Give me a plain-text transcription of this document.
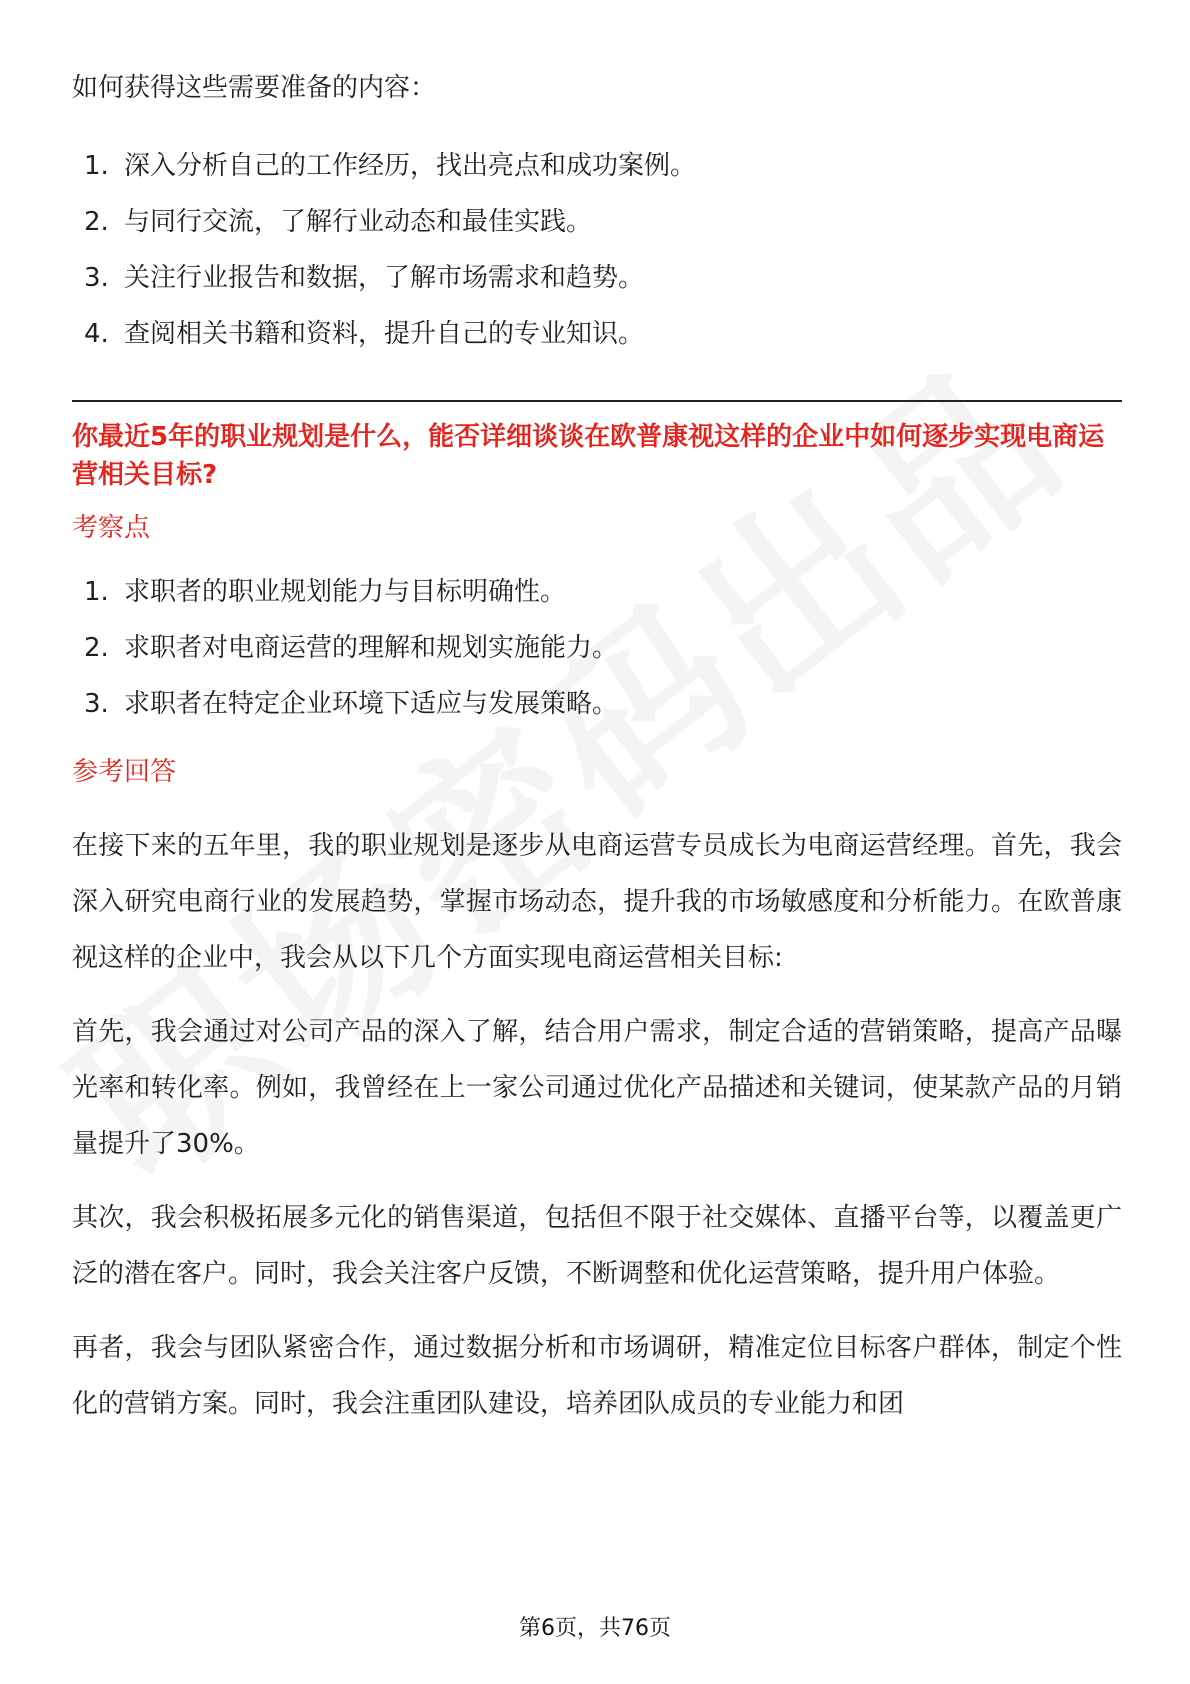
如何获得这些需要准备的内容：

1. 深入分析自己的工作经历，找出亮点和成功案例。
2. 与同行交流，了解行业动态和最佳实践。
3. 关注行业报告和数据，了解市场需求和趋势。
4. 查阅相关书籍和资料，提升自己的专业知识。
你最近5年的职业规划是什么，能否详细谈谈在欧普康视这样的企业中如何逐步实现电商运营相关目标?
考察点
1. 求职者的职业规划能力与目标明确性。
2. 求职者对电商运营的理解和规划实施能力。
3. 求职者在特定企业环境下适应与发展策略。
参考回答

在接下来的五年里，我的职业规划是逐步从电商运营专员成长为电商运营经理。首先，我会深入研究电商行业的发展趋势，掌握市场动态，提升我的市场敏感度和分析能力。在欧普康视这样的企业中，我会从以下几个方面实现电商运营相关目标:

首先，我会通过对公司产品的深入了解，结合用户需求，制定合适的营销策略，提高产品曝光率和转化率。例如，我曾经在上一家公司通过优化产品描述和关键词，使某款产品的月销量提升了30%。

其次，我会积极拓展多元化的销售渠道，包括但不限于社交媒体、直播平台等，以覆盖更广泛的潜在客户。同时，我会关注客户反馈，不断调整和优化运营策略，提升用户体验。

再者，我会与团队紧密合作，通过数据分析和市场调研，精准定位目标客户群体，制定个性化的营销方案。同时，我会注重团队建设，培养团队成员的专业能力和团

第6页，共76页
